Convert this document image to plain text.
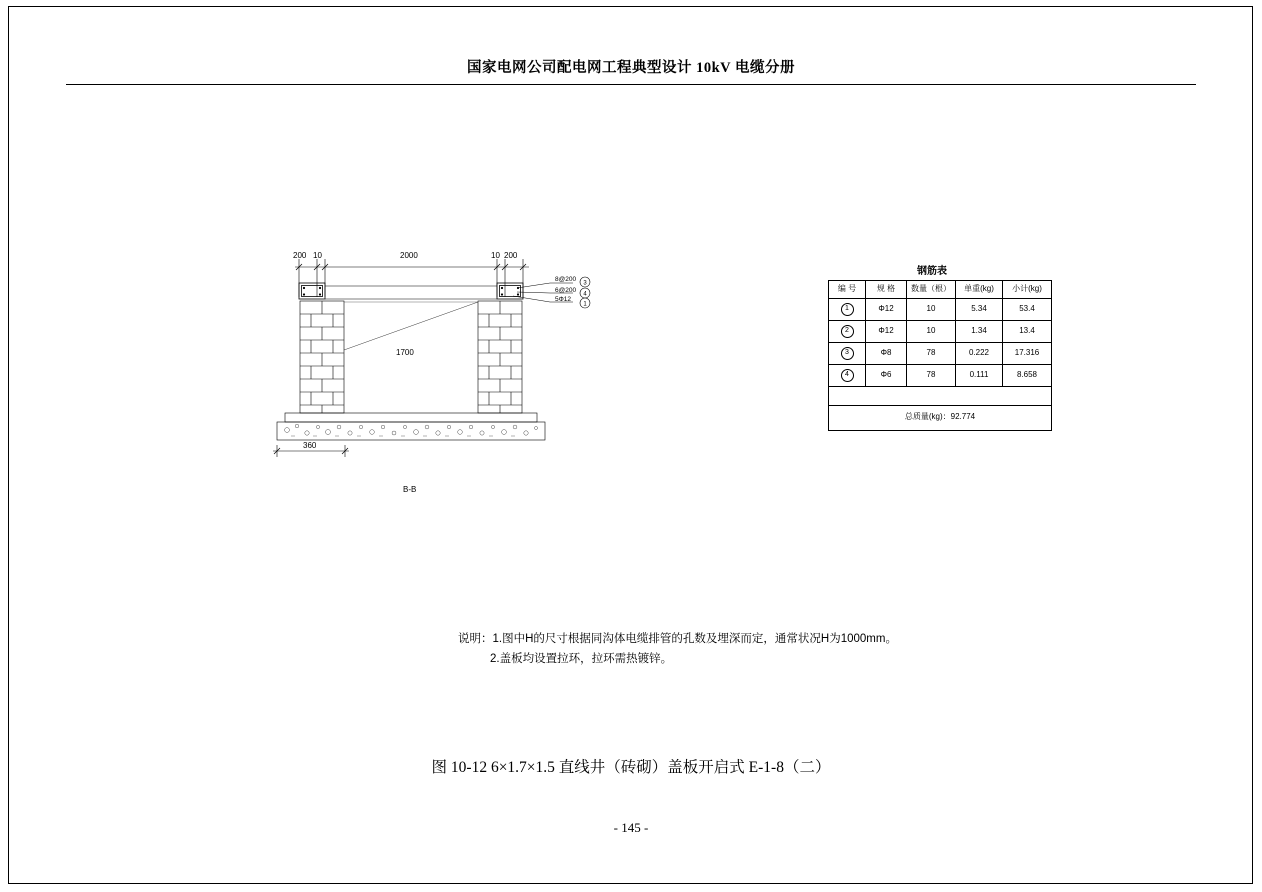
国家电网公司配电网工程典型设计 10kV 电缆分册
3
4
1
200 10	2000	10 200
1700
360
8@200
6@200
5Φ12
B-B
钢筋表
编 号	规 格	数量（根）	单重(kg)	小计(kg)
1	Φ12	10	5.34	53.4
2	Φ12	10	1.34	13.4
3	Φ8	78	0.222	17.316
4	Φ6	78	0.111	8.658

总质量(kg)：92.774				
说明：1.图中H的尺寸根据同沟体电缆排管的孔数及埋深而定，通常状况H为1000mm。
2.盖板均设置拉环，拉环需热镀锌。
图 10-12 6×1.7×1.5 直线井（砖砌）盖板开启式 E-1-8（二）
- 145 -
